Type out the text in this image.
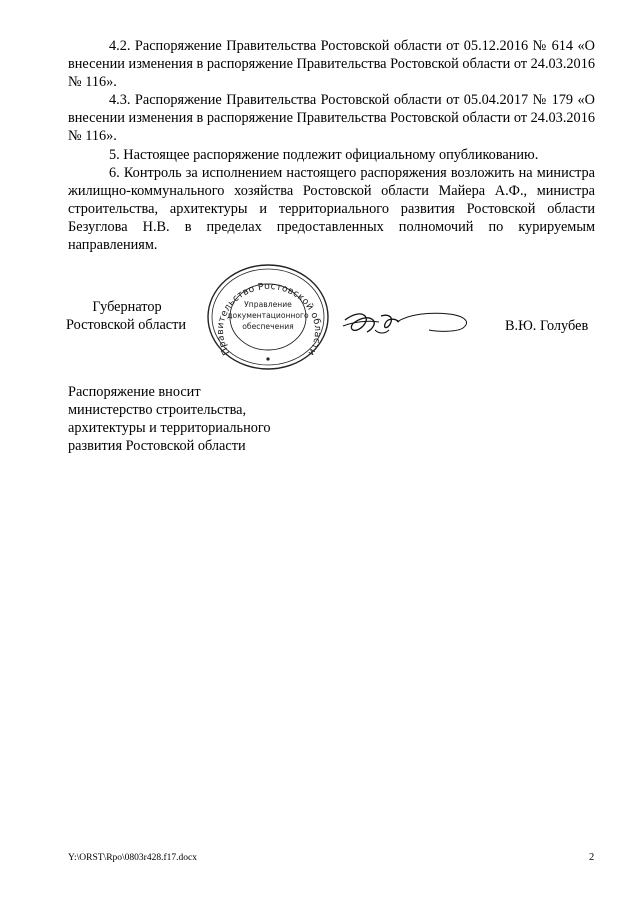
4.2. Распоряжение Правительства Ростовской области от 05.12.2016 № 614 «О внесении изменения в распоряжение Правительства Ростовской области от 24.03.2016 № 116».

4.3. Распоряжение Правительства Ростовской области от 05.04.2017 № 179 «О внесении изменения в распоряжение Правительства Ростовской области от 24.03.2016 № 116».

5. Настоящее распоряжение подлежит официальному опубликованию.

6. Контроль за исполнением настоящего распоряжения возложить на министра жилищно-коммунального хозяйства Ростовской области Майера А.Ф., министра строительства, архитектуры и территориального развития Ростовской области Безуглова Н.В. в пределах предоставленных полномочий по курируемым направлениям.

Губернатор
Ростовской области
Правительство Ростовской области
Управление
документационного
обеспечения	В.Ю. Голубев
Распоряжение вносит
министерство строительства,
архитектуры и территориального
развития Ростовской области
Y:\ORST\Rpo\0803r428.f17.docx	2
